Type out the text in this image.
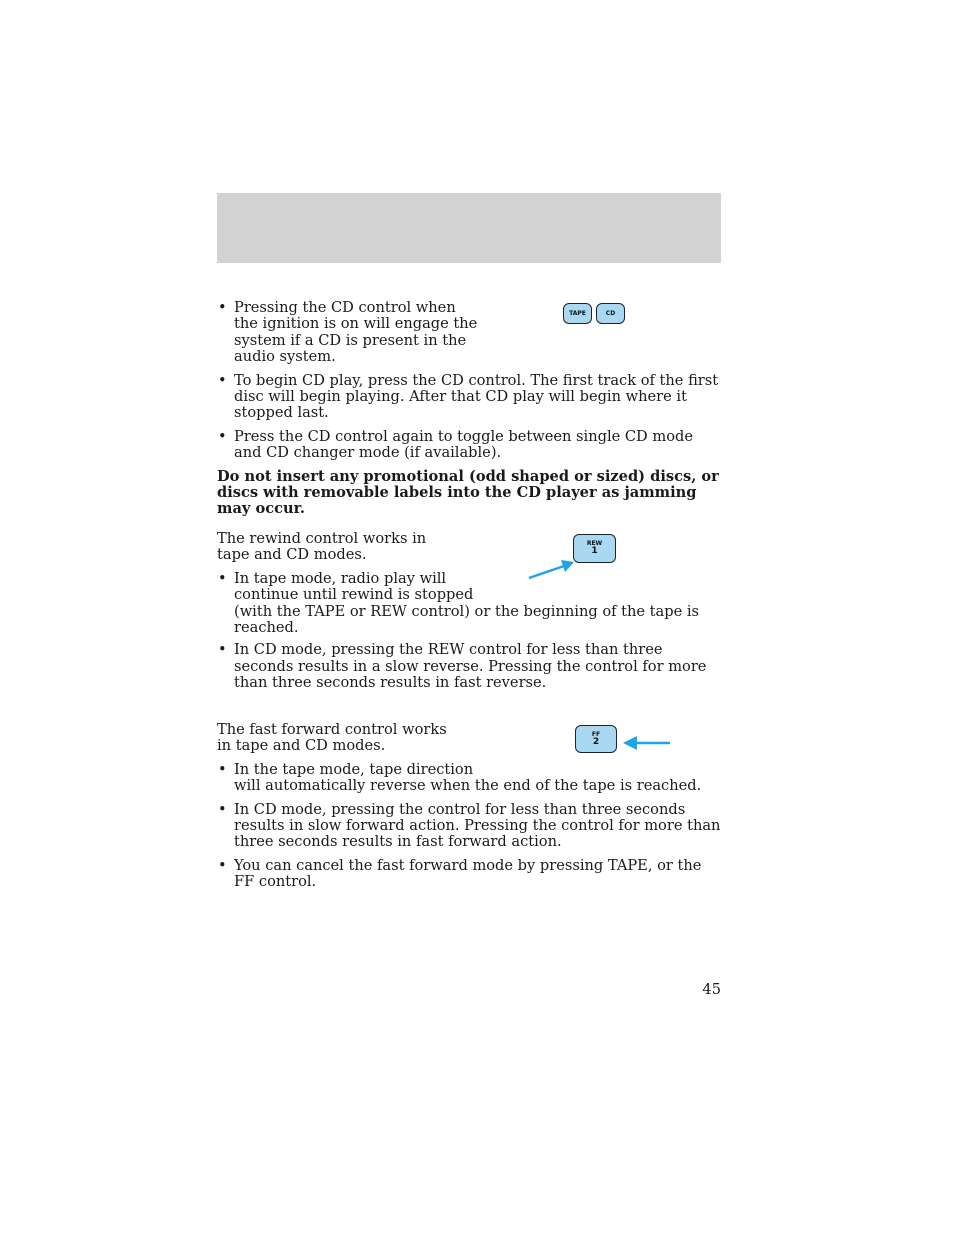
• Pressing the CD control when the ignition is on will engage the system if a CD is present in the audio system.
• To begin CD play, press the CD control. The first track of the first disc will begin playing. After that CD play will begin where it stopped last.
• Press the CD control again to toggle between single CD mode and CD changer mode (if available).
Do not insert any promotional (odd shaped or sized) discs, or discs with removable labels into the CD player as jamming may occur.
TAPE	CD
The rewind control works in tape and CD modes.
• In tape mode, radio play will
continue until rewind is stopped
(with the TAPE or REW control) or the beginning of the tape is
reached.
• In CD mode, pressing the REW control for less than three seconds results in a slow reverse. Pressing the control for more than three seconds results in fast reverse.
REW
1
The fast forward control works in tape and CD modes.
• In the tape mode, tape direction
will automatically reverse when the end of the tape is reached.
• In CD mode, pressing the control for less than three seconds results in slow forward action. Pressing the control for more than three seconds results in fast forward action.
• You can cancel the fast forward mode by pressing TAPE, or the FF control.
FF
2
45
